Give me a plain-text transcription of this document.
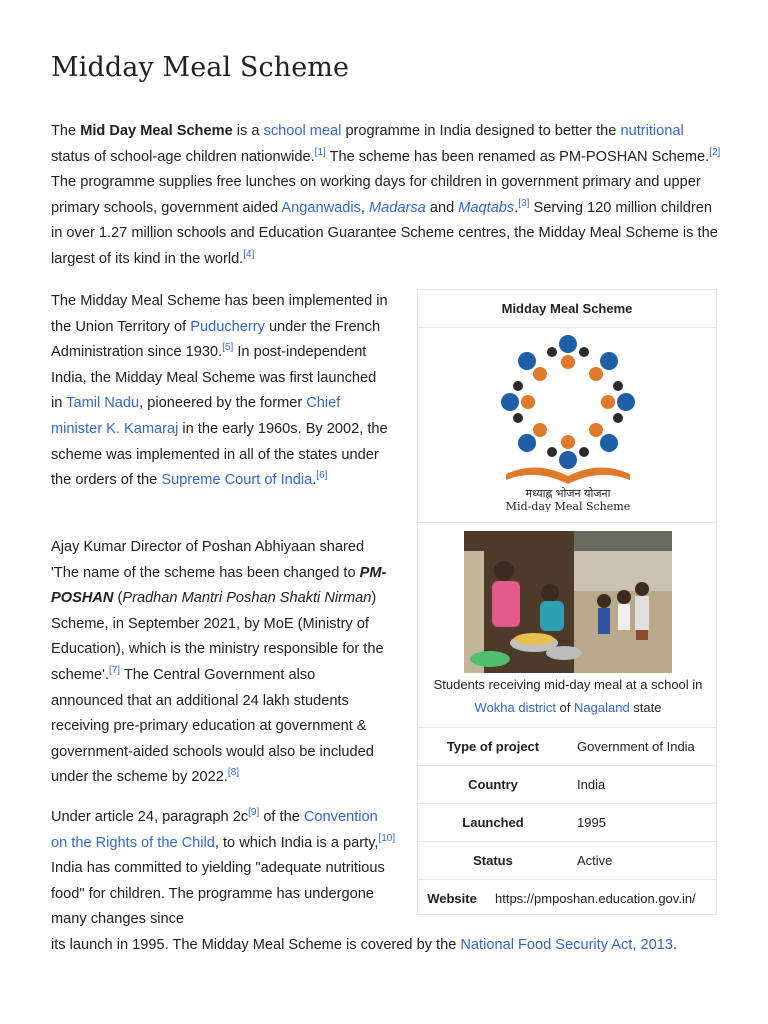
Midday Meal Scheme

The Mid Day Meal Scheme is a school meal programme in India designed to better the nutritional status of school-age children nationwide.[1] The scheme has been renamed as PM-POSHAN Scheme.[2] The programme supplies free lunches on working days for children in government primary and upper primary schools, government aided Anganwadis, Madarsa and Maqtabs.[3] Serving 120 million children in over 1.27 million schools and Education Guarantee Scheme centres, the Midday Meal Scheme is the largest of its kind in the world.[4]

The Midday Meal Scheme has been implemented in the Union Territory of Puducherry under the French Administration since 1930.[5] In post-independent India, the Midday Meal Scheme was first launched in Tamil Nadu, pioneered by the former Chief minister K. Kamaraj in the early 1960s. By 2002, the scheme was implemented in all of the states under the orders of the Supreme Court of India.[6]

Ajay Kumar Director of Poshan Abhiyaan shared 'The name of the scheme has been changed to PM-POSHAN (Pradhan Mantri Poshan Shakti Nirman) Scheme, in September 2021, by MoE (Ministry of Education), which is the ministry responsible for the scheme'.[7] The Central Government also announced that an additional 24 lakh students receiving pre-primary education at government & government-aided schools would also be included under the scheme by 2022.[8]

Under article 24, paragraph 2c[9] of the Convention on the Rights of the Child, to which India is a party,[10] India has committed to yielding "adequate nutritious food" for children. The programme has undergone many changes since

its launch in 1995. The Midday Meal Scheme is covered by the National Food Security Act, 2013.

Midday Meal Scheme
मध्याह्न भोजन योजना
Mid-day Meal Scheme
Students receiving mid-day meal at a school in Wokha district of Nagaland state
Type of project	Government of India
Country	India
Launched	1995
Status	Active
Website	https://pmposhan.education.gov.in/
